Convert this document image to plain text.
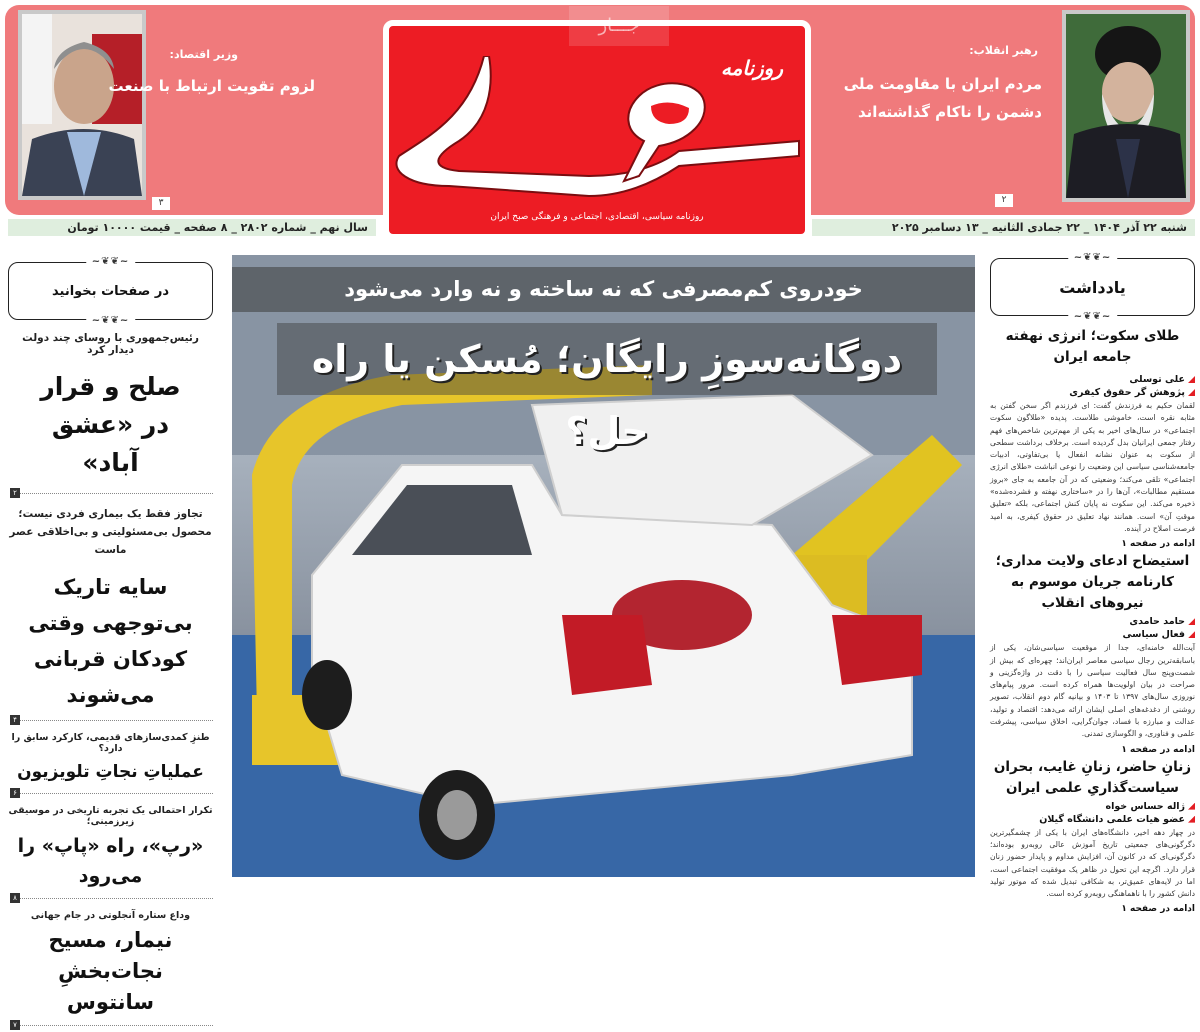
وزیر اقتصاد:
لزوم تقویت ارتباط با صنعت
۳
رهبر انقلاب:
مردم ایران با مقاومت ملی
دشمن را ناکام گذاشته‌اند
۲
جـــار
روزنامه
روزنامه سیاسی، اقتصادی، اجتماعی و فرهنگی صبح ایران
سال نهم _ شماره ۲۸۰۲ _ ۸ صفحه _ قیمت ۱۰۰۰۰ تومان	شنبه ۲۲ آذر ۱۴۰۴ _ ۲۲ جمادی الثانیه _ ۱۳ دسامبر ۲۰۲۵
~❦❦~
در صفحات بخوانید
~❦❦~
رئیس‌جمهوری با روسای چند دولت دیدار کرد
صلح و قرار در «عشق آباد»
۲
تجاوز فقط یک بیماری فردی نیست؛ محصول بی‌مسئولیتی و بی‌اخلاقی عصر ماست
سایه تاریک بی‌توجهی وقتی کودکان قربانی می‌شوند
۴
طنزِ کمدی‌سازهای قدیمی، کارکرد سابق را دارد؟
عملیاتِ نجاتِ تلویزیون
۶
تکرار احتمالی یک تجربه تاریخی در موسیقی زیرزمینی؛
«رپ»، راه «پاپ» را می‌رود
۸
وداع ستاره آنجلوتی در جام جهانی
نیمار، مسیح نجات‌بخشِ سانتوس
۷
خودروی کم‌مصرفی که نه ساخته و نه وارد می‌شود
دوگانه‌سوزِ رایگان؛ مُسکن یا راه حل؟
~❦❦~
یادداشت
~❦❦~
طلای سکوت؛ انرژی نهفته جامعه ایران
علی توسلی
پژوهش گر حقوق کیفری
لقمان حکیم به فرزندش گفت: ای فرزندم اگر سخن گفتن به مثابه نقره است، خاموشی طلاست. پدیده «طلاگون سکوت اجتماعی» در سال‌های اخیر به یکی از مهم‌ترین شاخص‌های فهم رفتار جمعی ایرانیان بدل گردیده است. برخلاف برداشت سطحی از سکوت به عنوان نشانه انفعال یا بی‌تفاوتی، ادبیات جامعه‌شناسی سیاسی این وضعیت را نوعی انباشت «طلای انرژی اجتماعی» تلقی می‌کند؛ وضعیتی که در آن جامعه به جای «بروز مستقیم مطالبات»، آن‌ها را در «ساختاری نهفته و فشرده‌شده» ذخیره می‌کند. این سکوت نه پایان کنش اجتماعی، بلکه «تعلیق موقتِ آن» است. همانند نهاد تعلیق در حقوق کیفری، به امید فرصت اصلاح در آینده.
ادامه در صفحه ۱
استیضاح ادعای ولایت مداری؛ کارنامه جریان موسوم به نیروهای انقلاب
حامد حامدی
فعال سیاسی
آیت‌الله خامنه‌ای، جدا از موقعیت سیاسی‌شان، یکی از باسابقه‌ترین رجال سیاسی معاصر ایران‌اند؛ چهره‌ای که بیش از شصت‌وپنج سال فعالیت سیاسی را با دقت در واژه‌گزینی و صراحت در بیان اولویت‌ها همراه کرده است. مرور پیام‌های نوروزی سال‌های ۱۳۹۷ تا ۱۴۰۳ و بیانیه گام دوم انقلاب، تصویر روشنی از دغدغه‌های اصلی ایشان ارائه می‌دهد: اقتصاد و تولید، عدالت و مبارزه با فساد، جوان‌گرایی، اخلاق سیاسی، پیشرفت علمی و فناوری، و الگوسازی تمدنی.
ادامه در صفحه ۱
زنانِ حاضر، زنانِ غایب، بحران سیاست‌گذاریِ علمی ایران
ژاله حساس خواه
عضو هیات علمی دانشگاه گیلان
در چهار دهه اخیر، دانشگاه‌های ایران با یکی از چشمگیرترین دگرگونی‌های جمعیتی تاریخ آموزش عالی روبه‌رو بوده‌اند؛ دگرگونی‌ای که در کانون آن، افزایش مداوم و پایدار حضور زنان قرار دارد. اگرچه این تحول در ظاهر یک موفقیت اجتماعی است، اما در لایه‌های عمیق‌تر، به شکافی تبدیل شده که موتور تولید دانش کشور را با ناهماهنگی روبه‌رو کرده است.
ادامه در صفحه ۱
